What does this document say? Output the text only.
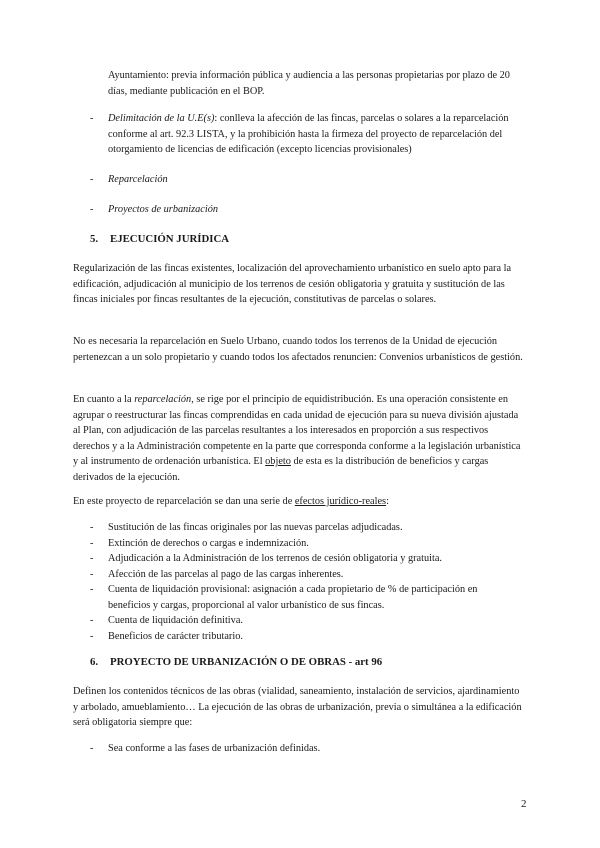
Ayuntamiento: previa información pública y audiencia a las personas propietarias por plazo de 20 días, mediante publicación en el BOP.

- Delimitación de la U.E(s): conlleva la afección de las fincas, parcelas o solares a la reparcelación conforme al art. 92.3 LISTA, y la prohibición hasta la firmeza del proyecto de reparcelación del otorgamiento de licencias de edificación (excepto licencias provisionales)
- Reparcelación
- Proyectos de urbanización
5. EJECUCIÓN JURÍDICA

Regularización de las fincas existentes, localización del aprovechamiento urbanístico en suelo apto para la edificación, adjudicación al municipio de los terrenos de cesión obligatoria y gratuita y sustitución de las fincas iniciales por fincas resultantes de la ejecución, constitutivas de parcelas o solares.

No es necesaria la reparcelación en Suelo Urbano, cuando todos los terrenos de la Unidad de ejecución pertenezcan a un solo propietario y cuando todos los afectados renuncien: Convenios urbanísticos de gestión.

En cuanto a la reparcelación, se rige por el principio de equidistribución. Es una operación consistente en agrupar o reestructurar las fincas comprendidas en cada unidad de ejecución para su nueva división ajustada al Plan, con adjudicación de las parcelas resultantes a los interesados en proporción a sus respectivos derechos y a la Administración competente en la parte que corresponda conforme a la legislación urbanística y al instrumento de ordenación urbanística. El objeto de esta es la distribución de beneficios y cargas derivados de la ejecución.

En este proyecto de reparcelación se dan una serie de efectos jurídico-reales:

- Sustitución de las fincas originales por las nuevas parcelas adjudicadas.
- Extinción de derechos o cargas e indemnización.
- Adjudicación a la Administración de los terrenos de cesión obligatoria y gratuita.
- Afección de las parcelas al pago de las cargas inherentes.
- Cuenta de liquidación provisional: asignación a cada propietario de % de participación en beneficios y cargas, proporcional al valor urbanístico de sus fincas.
- Cuenta de liquidación definitiva.
- Beneficios de carácter tributario.
6. PROYECTO DE URBANIZACIÓN O DE OBRAS - art 96

Definen los contenidos técnicos de las obras (vialidad, saneamiento, instalación de servicios, ajardinamiento y arbolado, amueblamiento… La ejecución de las obras de urbanización, previa o simultánea a la edificación será obligatoria siempre que:

- Sea conforme a las fases de urbanización definidas.
2
